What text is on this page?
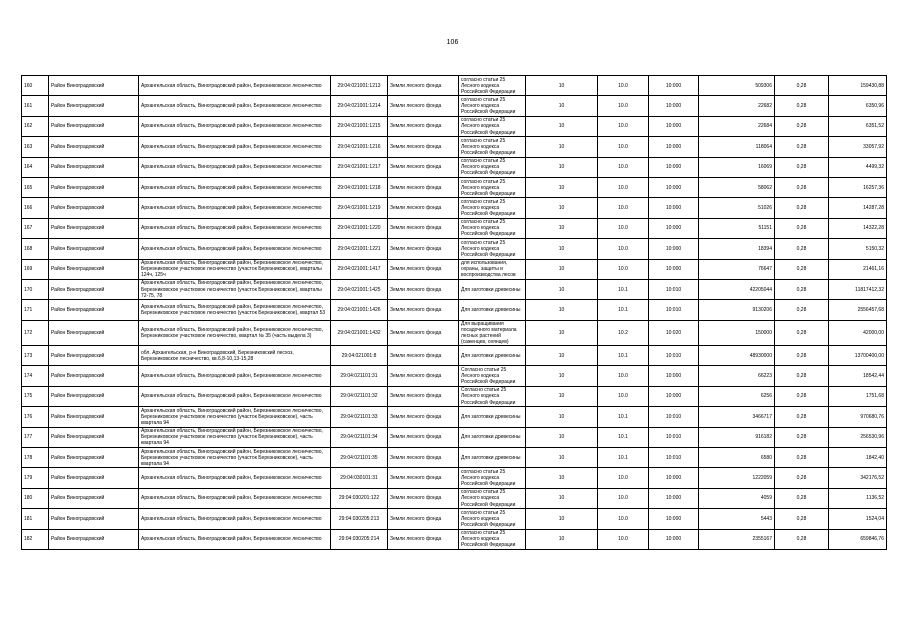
106
160	Район Виноградовский	Архангельская область, Виноградовский район, Березниковское лесничество	29:04:021001:1213	Земли лесного фонда	согласно статьи 25 Лесного кодекса Российской Федерации	10	10.0	10:000	509306	0,28	159430,88
161	Район Виноградовский	Архангельская область, Виноградовский район, Березниковское лесничество	29:04:021001:1214	Земли лесного фонда	согласно статьи 25 Лесного кодекса Российской Федерации	10	10.0	10:000	22682	0,28	6350,96
162	Район Виноградовский	Архангельская область, Виноградовский район, Березниковское лесничество	29:04:021001:1215	Земли лесного фонда	согласно статьи 25 Лесного кодекса Российской Федерации	10	10.0	10:000	22684	0,28	6351,52
163	Район Виноградовский	Архангельская область, Виноградовский район, Березниковское лесничество	29:04:021001:1216	Земли лесного фонда	согласно статьи 25 Лесного кодекса Российской Федерации	10	10.0	10:000	118064	0,28	33057,92
164	Район Виноградовский	Архангельская область, Виноградовский район, Березниковское лесничество	29:04:021001:1217	Земли лесного фонда	согласно статьи 25 Лесного кодекса Российской Федерации	10	10.0	10:000	16069	0,28	4499,32
165	Район Виноградовский	Архангельская область, Виноградовский район, Березниковское лесничество	29:04:021001:1218	Земли лесного фонда	согласно статьи 25 Лесного кодекса Российской Федерации	10	10.0	10:000	58062	0,28	16257,36
166	Район Виноградовский	Архангельская область, Виноградовский район, Березниковское лесничество	29:04:021001:1219	Земли лесного фонда	согласно статьи 25 Лесного кодекса Российской Федерации	10	10.0	10:000	51026	0,28	14287,28
167	Район Виноградовский	Архангельская область, Виноградовский район, Березниковское лесничество	29:04:021001:1220	Земли лесного фонда	согласно статьи 25 Лесного кодекса Российской Федерации	10	10.0	10:000	51151	0,28	14322,28
168	Район Виноградовский	Архангельская область, Виноградовский район, Березниковское лесничество	29:04:021001:1221	Земли лесного фонда	согласно статьи 25 Лесного кодекса Российской Федерации	10	10.0	10:000	18394	0,28	5150,32
169	Район Виноградовский	Архангельская область, Виноградовский район, Березниковское лесничество, Березниковское участковое лесничество (участок Березниковское), кварталы 124ч, 125ч	29:04:021001:1417	Земли лесного фонда	для использования, охраны, защиты и воспроизводства лесов	10	10.0	10:000	76647	0,28	21461,16
170	Район Виноградовский	Архангельская область, Виноградовский район, Березниковское лесничество, Березниковское участковое лесничество (участок Березниковское), кварталы 72-75, 78	29:04:021001:1425	Земли лесного фонда	Для заготовки древесины	10	10.1	10:010	42205044	0,28	11817412,32
171	Район Виноградовский	Архангельская область, Виноградовский район, Березниковское лесничество, Березниковское участковое лесничество (участок Березниковское), квартал 53	29:04:021001:1426	Земли лесного фонда	Для заготовки древесины	10	10.1	10:010	9130206	0,28	2556457,68
172	Район Виноградовский	Архангельская область, Виноградовский район, Березниковское лесничество, Березниковское участковое лесничество, квартал № 35 (часть выдела 3)	29:04:021001:1432	Земли лесного фонда	Для выращивания посадочного материала лесных растений (саженцев, сеянцев)	10	10.2	10:020	150000	0,28	42000,00
173	Район Виноградовский	обл. Архангельская, р-н Виноградовский, Березниковский лесхоз, Березниковское лесничество, кв.6,8-10,13-15,28	29:04:021001:8	Земли лесного фонда	Для заготовки древесины	10	10.1	10:010	48930000	0,28	13700400,00
174	Район Виноградовский	Архангельская область, Виноградовский район, Березниковское лесничество	29:04:021101:31	Земли лесного фонда	Согласно статьи 25 Лесного кодекса Российской Федерации	10	10.0	10:000	66223	0,28	18542,44
175	Район Виноградовский	Архангельская область, Виноградовский район, Березниковское лесничество	29:04:021101:32	Земли лесного фонда	Согласно статьи 25 Лесного кодекса Российской Федерации	10	10.0	10:000	6256	0,28	1751,68
176	Район Виноградовский	Архангельская область, Виноградовский район, Березниковское лесничество, Березниковское участковое лесничество (участок Березниковское), часть квартала 94	29:04:021101:33	Земли лесного фонда	Для заготовки древесины	10	10.1	10:010	3466717	0,28	970680,76
177	Район Виноградовский	Архангельская область, Виноградовский район, Березниковское лесничество, Березниковское участковое лесничество (участок Березниковское), часть квартала 94	29:04:021101:34	Земли лесного фонда	Для заготовки древесины	10	10.1	10:010	916182	0,28	256530,96
178	Район Виноградовский	Архангельская область, Виноградовский район, Березниковское лесничество, Березниковское участковое лесничество (участок Березниковское), часть квартала 94	29:04:021101:35	Земли лесного фонда	Для заготовки древесины	10	10.1	10:010	6580	0,28	1842,40
179	Район Виноградовский	Архангельская область, Виноградовский район, Березниковское лесничество	29:04:030101:31	Земли лесного фонда	согласно статьи 25 Лесного кодекса Российской Федерации	10	10.0	10:000	1222059	0,28	342176,52
180	Район Виноградовский	Архангельская область, Виноградовский район, Березниковское лесничество	29:04:030201:122	Земли лесного фонда	согласно статьи 25 Лесного кодекса Российской Федерации	10	10.0	10:000	4059	0,28	1136,52
181	Район Виноградовский	Архангельская область, Виноградовский район, Березниковское лесничество	29:04:030205:213	Земли лесного фонда	согласно статьи 25 Лесного кодекса Российской Федерации	10	10.0	10:000	5443	0,28	1524,04
182	Район Виноградовский	Архангельская область, Виноградовский район, Березниковское лесничество	29:04:030205:214	Земли лесного фонда	согласно статьи 25 Лесного кодекса Российской Федерации	10	10.0	10:000	2355167	0,28	659846,76
